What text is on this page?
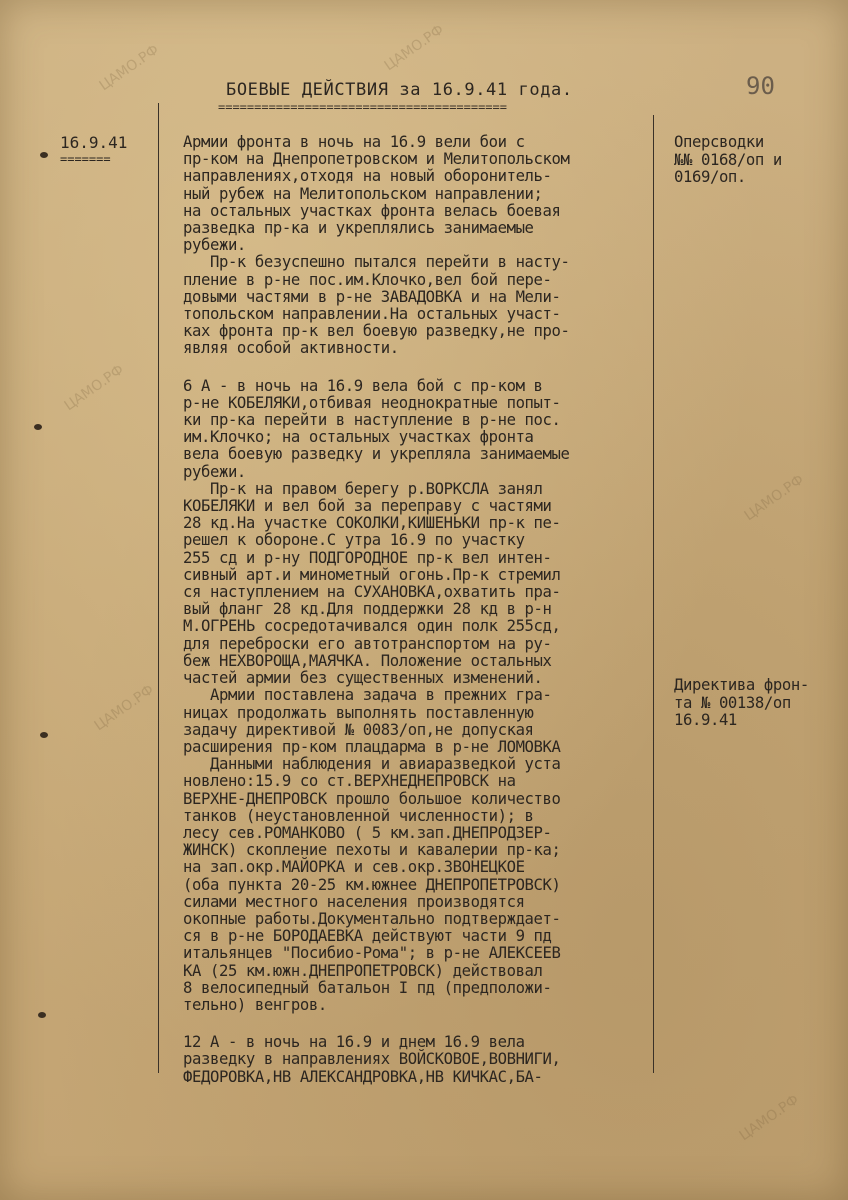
ЦАМО.РФ	ЦАМО.РФ
ЦАМО.РФ
ЦАМО.РФ
ЦАМО.РФ
ЦАМО.РФ
БОЕВЫЕ ДЕЙСТВИЯ за 16.9.41 года.
========================================
90
16.9.41
=======

Армии фронта в ночь на 16.9 вели бои с
пр-ком на Днепропетровском и Мелитопольском
направлениях,отходя на новый оборонитель-
ный рубеж на Мелитопольском направлении;
на остальных участках фронта велась боевая
разведка пр-ка и укреплялись занимаемые
рубежи.

Пр-к безуспешно пытался перейти в насту-
пление в р-не пос.им.Клочко,вел бой пере-
довыми частями в р-не ЗАВАДОВКА и на Мели-
топольском направлении.На остальных участ-
ках фронта пр-к вел боевую разведку,не про-
являя особой активности.

6 А - в ночь на 16.9 вела бой с пр-ком в
р-не КОБЕЛЯКИ,отбивая неоднократные попыт-
ки пр-ка перейти в наступление в р-не пос.
им.Клочко; на остальных участках фронта
вела боевую разведку и укрепляла занимаемые
рубежи.

Пр-к на правом берегу р.ВОРКСЛА занял
КОБЕЛЯКИ и вел бой за переправу с частями
28 кд.На участке СОКОЛКИ,КИШЕНЬКИ пр-к пе-
решел к обороне.С утра 16.9 по участку
255 сд и р-ну ПОДГОРОДНОЕ пр-к вел интен-
сивный арт.и минометный огонь.Пр-к стремил
ся наступлением на СУХАНОВКА,охватить пра-
вый фланг 28 кд.Для поддержки 28 кд в р-н
М.ОГРЕНЬ сосредотачивался один полк 255сд,
для переброски его автотранспортом на ру-
беж НЕХВОРОЩА,МАЯЧКА. Положение остальных
частей армии без существенных изменений.

Армии поставлена задача в прежних гра-
ницах продолжать выполнять поставленную
задачу директивой № 0083/оп,не допуская
расширения пр-ком плацдарма в р-не ЛОМОВКА

Данными наблюдения и авиаразведкой уста
новлено:15.9 со ст.ВЕРХНЕДНЕПРОВСК на
ВЕРХНЕ-ДНЕПРОВСК прошло большое количество
танков (неустановленной численности); в
лесу сев.РОМАНКОВО ( 5 км.зап.ДНЕПРОДЗЕР-
ЖИНСК) скопление пехоты и кавалерии пр-ка;
на зап.окр.МАЙОРКА и сев.окр.ЗВОНЕЦКОЕ
(оба пункта 20-25 км.южнее ДНЕПРОПЕТРОВСК)
силами местного населения производятся
окопные работы.Документально подтверждает-
ся в р-не БОРОДАЕВКА действуют части 9 пд
итальянцев "Посибио-Рома"; в р-не АЛЕКСЕЕВ
КА (25 км.южн.ДНЕПРОПЕТРОВСК) действовал
8 велосипедный батальон I пд (предположи-
тельно) венгров.

12 А - в ночь на 16.9 и днем 16.9 вела
разведку в направлениях ВОЙСКОВОЕ,ВОВНИГИ,
ФЕДОРОВКА,НВ АЛЕКСАНДРОВКА,НВ КИЧКАС,БА-

Оперсводки
№№ 0168/оп и
0169/оп.
Директива фрон-
та № 00138/оп
16.9.41
